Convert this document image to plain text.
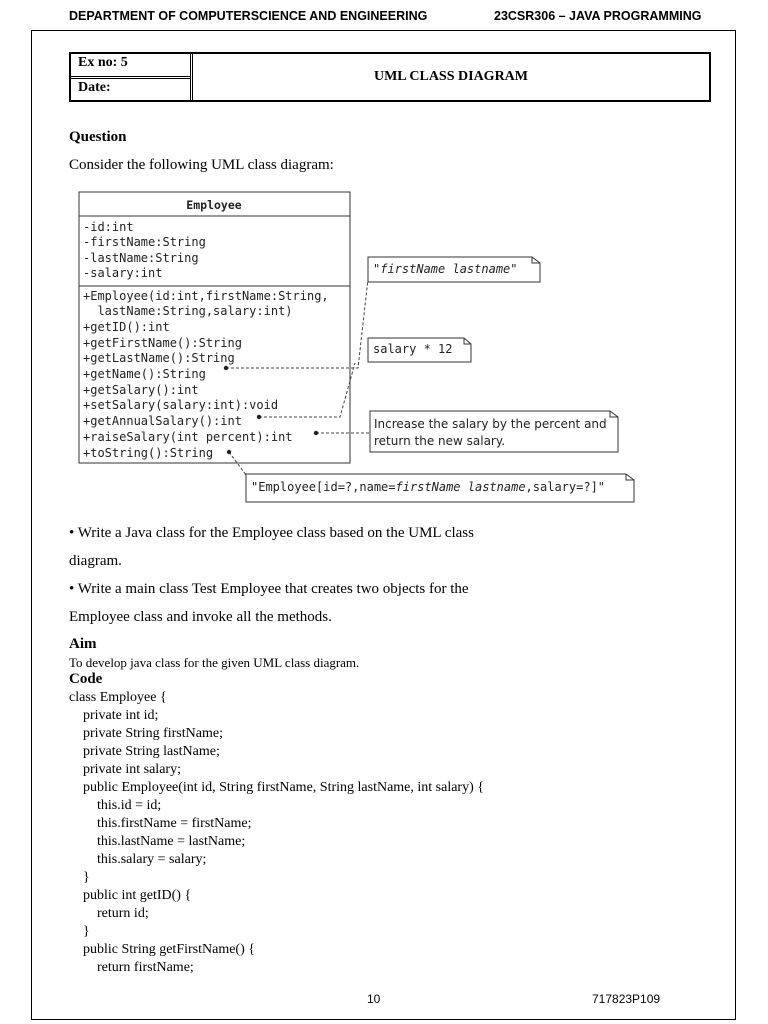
DEPARTMENT OF COMPUTERSCIENCE AND ENGINEERING	23CSR306 – JAVA PROGRAMMING
Ex no: 5
Date:
UML CLASS DIAGRAM
Question
Consider the following UML class diagram:
Employee
-id:int
-firstName:String
-lastName:String
-salary:int
+Employee(id:int,firstName:String,
lastName:String,salary:int)
+getID():int
+getFirstName():String
+getLastName():String
+getName():String
+getSalary():int
+setSalary(salary:int):void
+getAnnualSalary():int
+raiseSalary(int percent):int
+toString():String
"firstName lastname"
salary * 12
Increase the salary by the percent and
return the new salary.
"Employee[id=?,name=firstName lastname,salary=?]"
• Write a Java class for the Employee class based on the UML class
diagram.
• Write a main class Test Employee that creates two objects for the
Employee class and invoke all the methods.
Aim
To develop java class for the given UML class diagram.
Code
class Employee {
private int id;
private String firstName;
private String lastName;
private int salary;
public Employee(int id, String firstName, String lastName, int salary) {
this.id = id;
this.firstName = firstName;
this.lastName = lastName;
this.salary = salary;
}
public int getID() {
return id;
}
public String getFirstName() {
return firstName;
10	717823P109
